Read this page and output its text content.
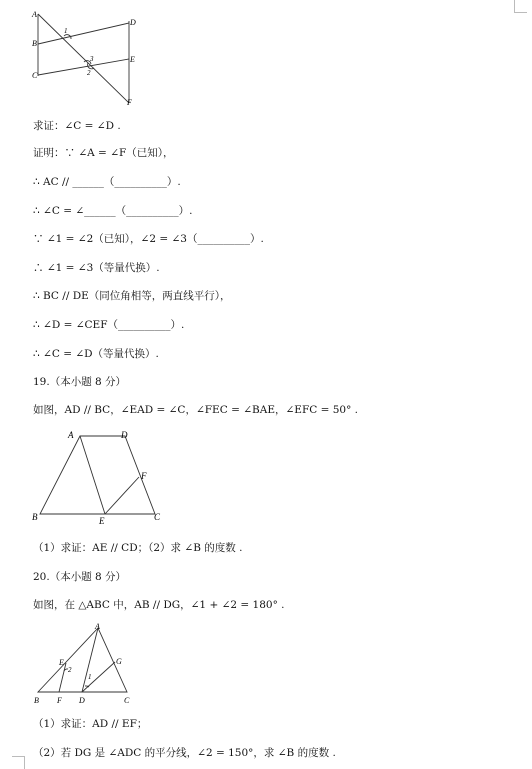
A
B
C
D
E
F
1
2
3
求证：∠C = ∠D .
证明：∵ ∠A = ∠F（已知），
∴ AC // ______（__________）.
∴ ∠C = ∠______（__________）.
∵ ∠1 = ∠2（已知），∠2 = ∠3（__________）.
∴ ∠1 = ∠3（等量代换）.
∴ BC // DE（同位角相等，两直线平行），
∴ ∠D = ∠CEF（__________）.
∴ ∠C = ∠D（等量代换）.
19.（本小题 8 分）
如图，AD // BC，∠EAD = ∠C，∠FEC = ∠BAE，∠EFC = 50° .
A	D
F
B	E	C
（1）求证：AE // CD；（2）求 ∠B 的度数 .
20.（本小题 8 分）
如图，在 △ABC 中，AB // DG，∠1 + ∠2 = 180° .
A
E	G
2
1
B F D	C
（1）求证：AD // EF；
（2）若 DG 是 ∠ADC 的平分线，∠2 = 150°，求 ∠B 的度数 .
